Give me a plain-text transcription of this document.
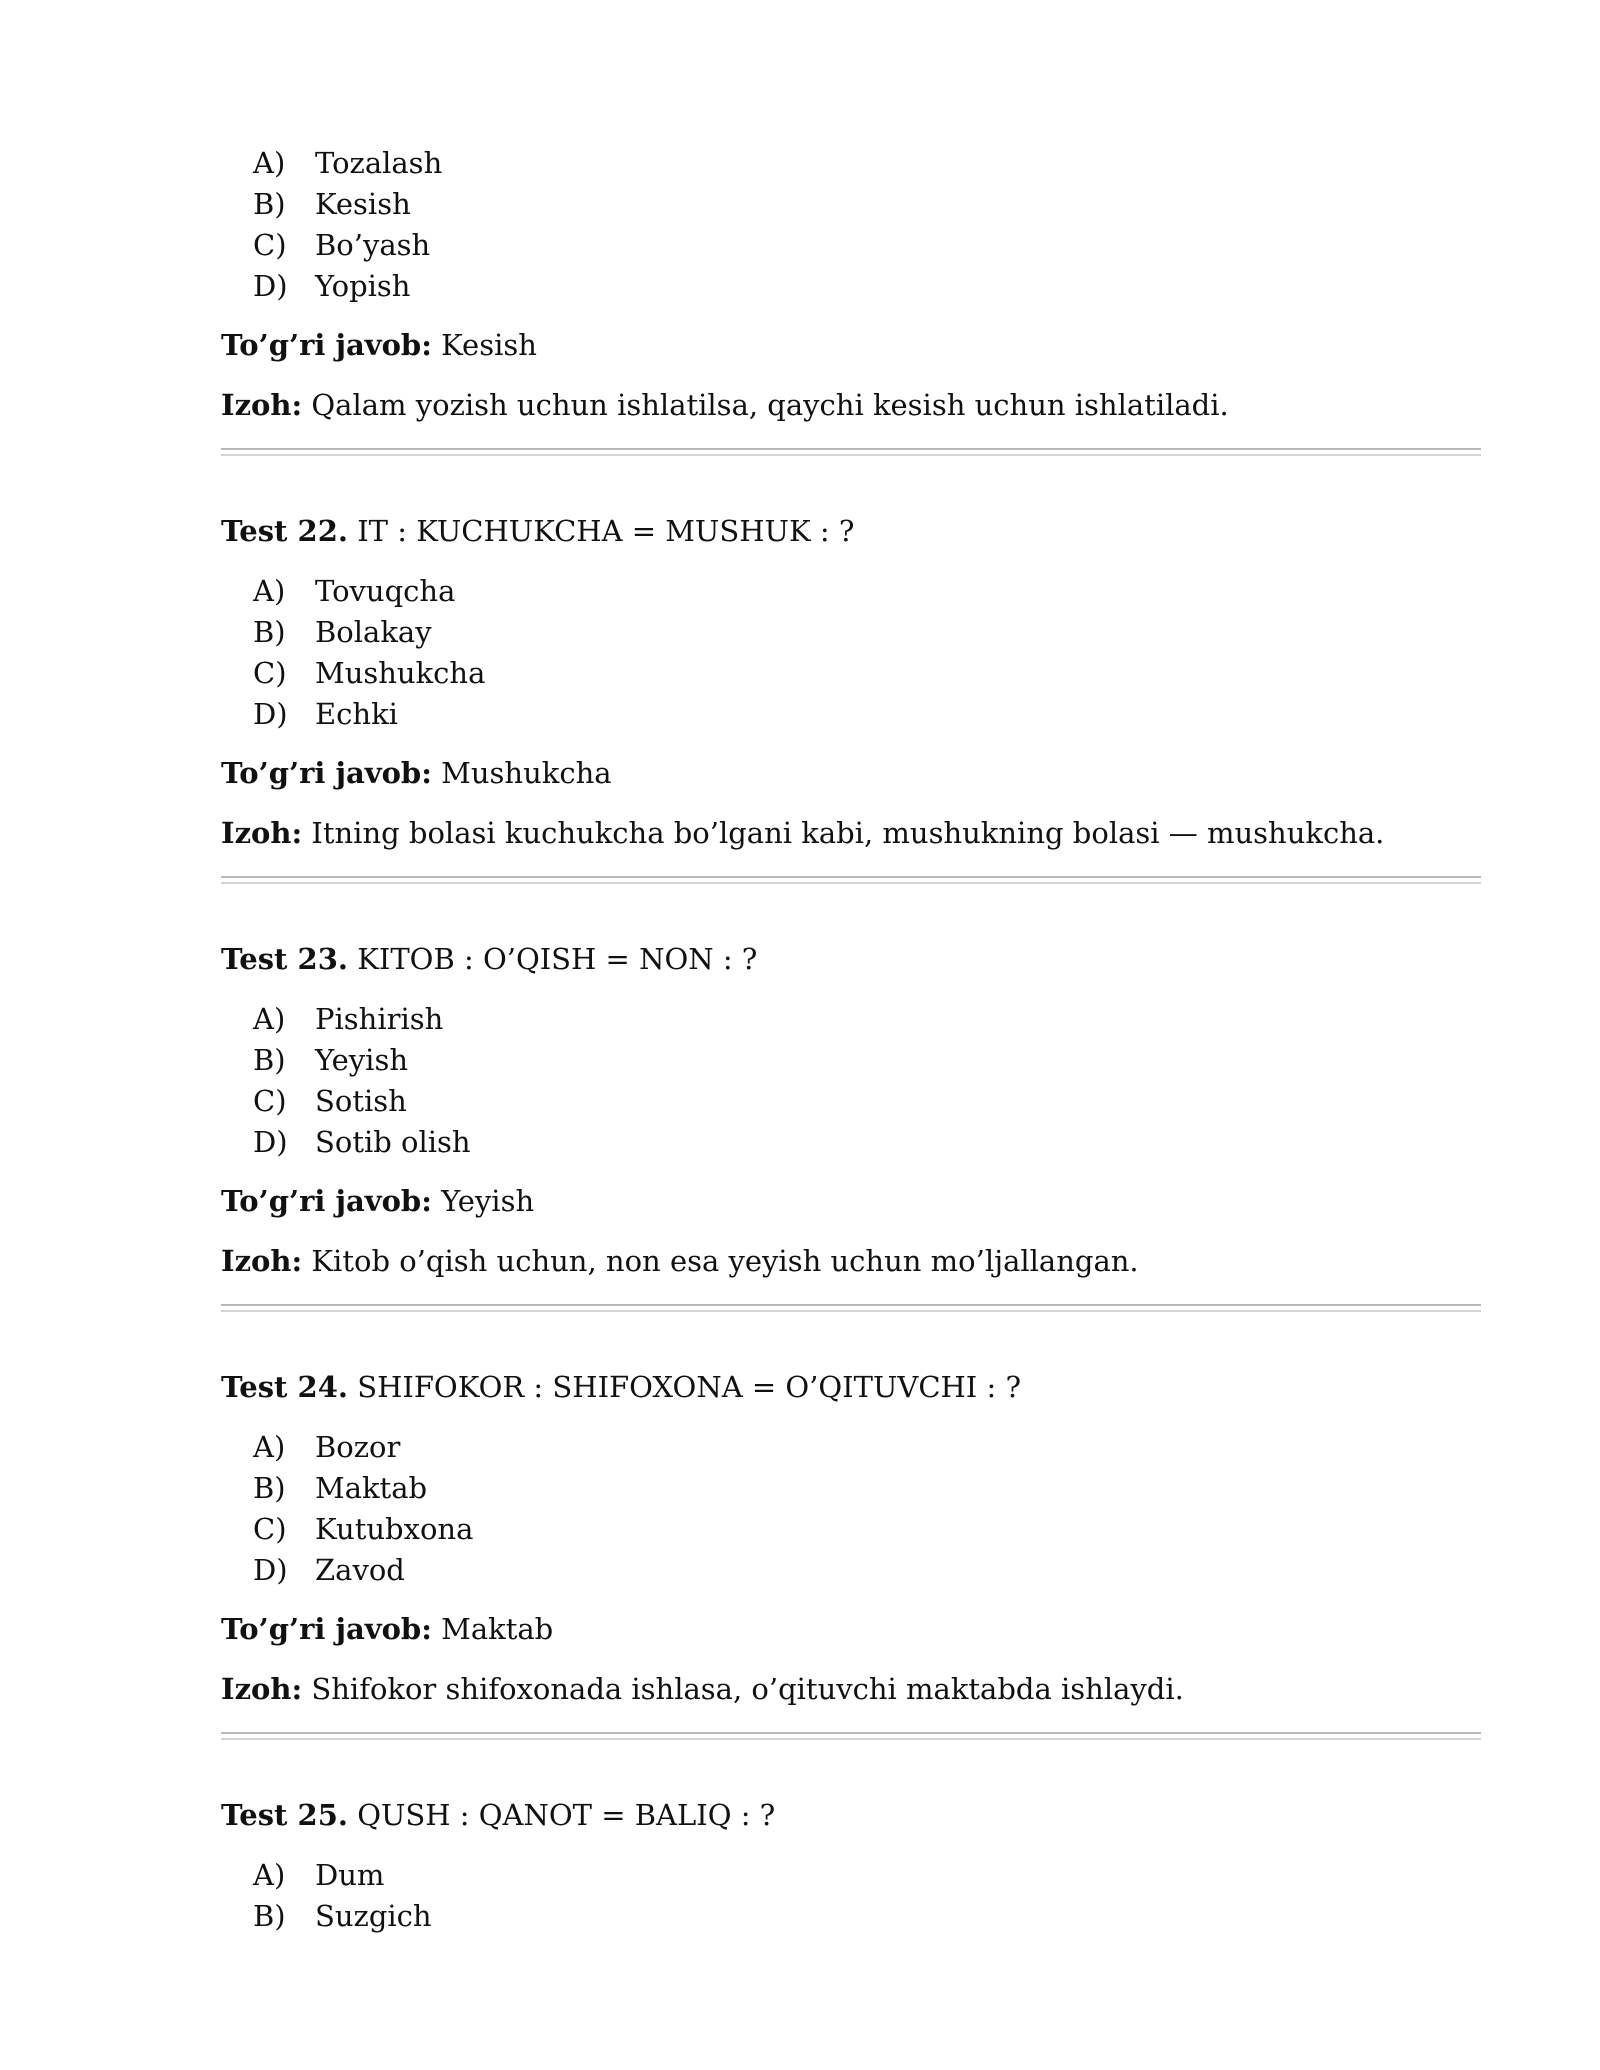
A)	Tozalash
B)	Kesish
C) Bo’yash
D) Yopish

To’g’ri javob: Kesish

Izoh: Qalam yozish uchun ishlatilsa, qaychi kesish uchun ishlatiladi.

Test 22. IT : KUCHUKCHA = MUSHUK : ?

A)	Tovuqcha
B)	Bolakay
C) Mushukcha
D) Echki

To’g’ri javob: Mushukcha

Izoh: Itning bolasi kuchukcha bo’lgani kabi, mushukning bolasi — mushukcha.

Test 23. KITOB : O’QISH = NON : ?

A)	Pishirish
B)	Yeyish
C) Sotish
D) Sotib olish

To’g’ri javob: Yeyish

Izoh: Kitob o’qish uchun, non esa yeyish uchun mo’ljallangan.

Test 24. SHIFOKOR : SHIFOXONA = O’QITUVCHI : ?

A)	Bozor
B)	Maktab
C) Kutubxona
D) Zavod

To’g’ri javob: Maktab

Izoh: Shifokor shifoxonada ishlasa, o’qituvchi maktabda ishlaydi.

Test 25. QUSH : QANOT = BALIQ : ?

A)	Dum
B)	Suzgich
